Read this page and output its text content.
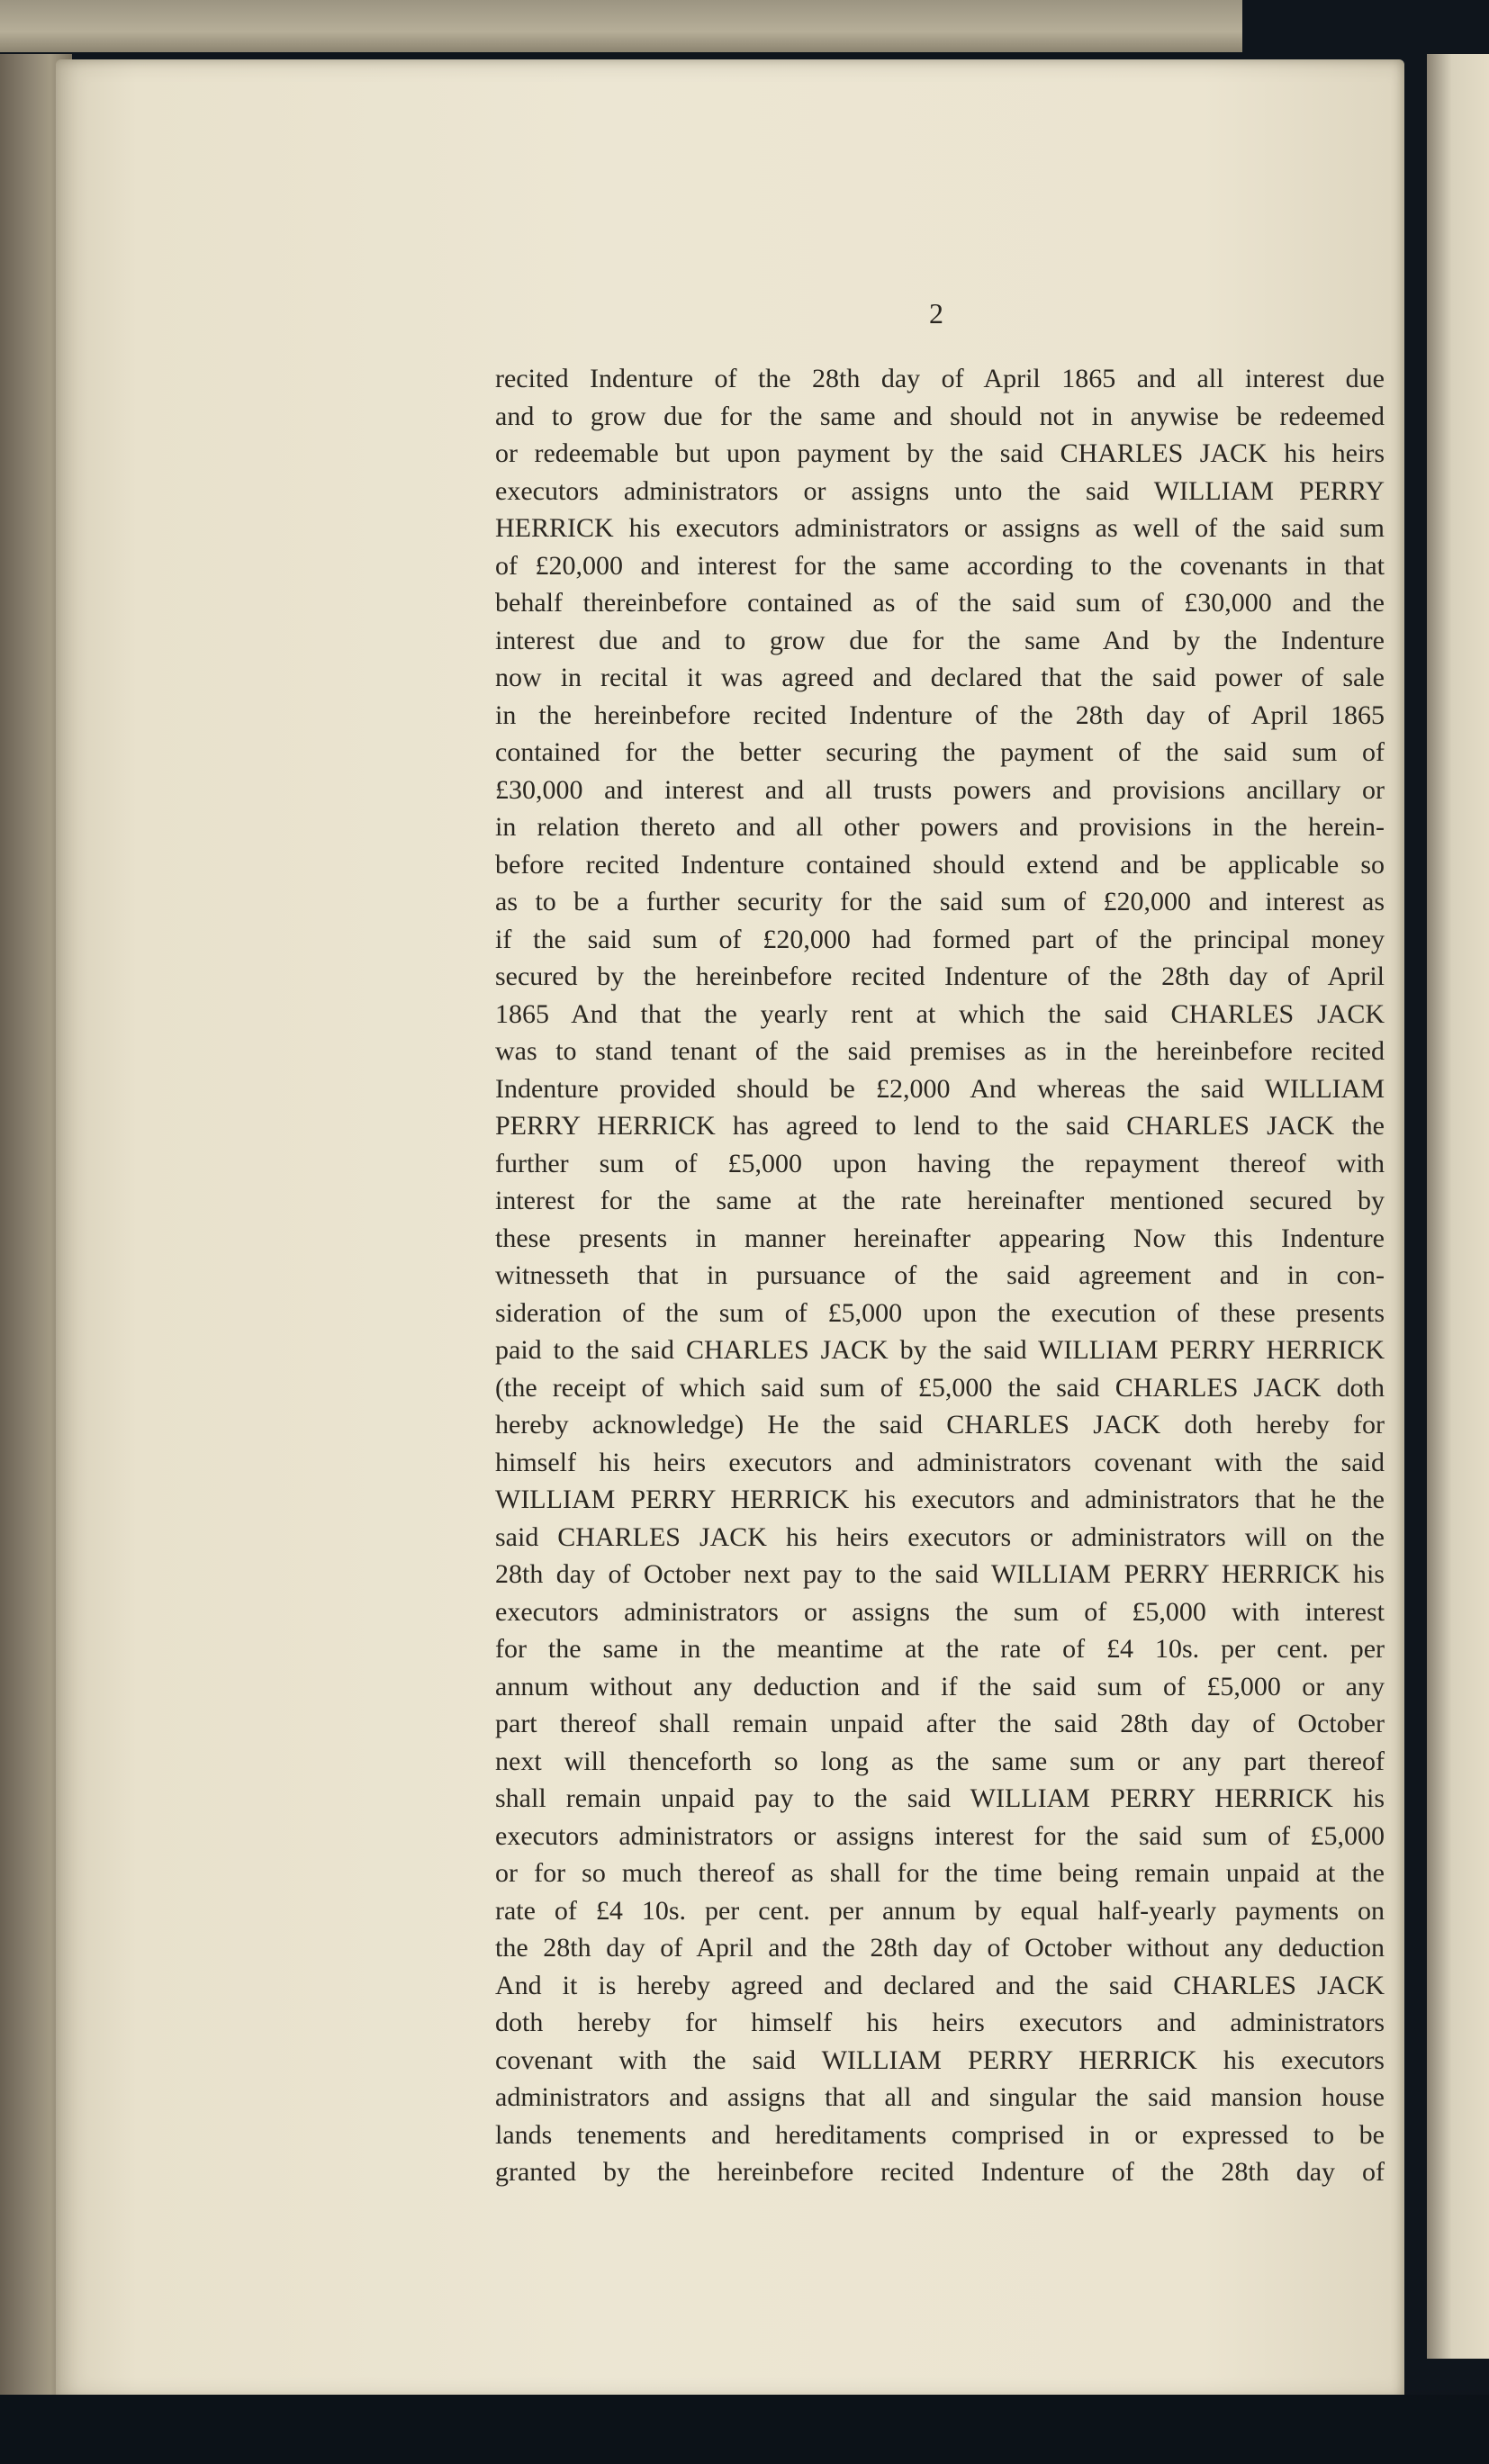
2
recited Indenture of the 28th day of April 1865 and all interest due
and to grow due for the same and should not in anywise be redeemed
or redeemable but upon payment by the said CHARLES JACK his heirs
executors administrators or assigns unto the said WILLIAM PERRY
HERRICK his executors administrators or assigns as well of the said sum
of £20,000 and interest for the same according to the covenants in that
behalf thereinbefore contained as of the said sum of £30,000 and the
interest due and to grow due for the same And by the Indenture
now in recital it was agreed and declared that the said power of sale
in the hereinbefore recited Indenture of the 28th day of April 1865
contained for the better securing the payment of the said sum of
£30,000 and interest and all trusts powers and provisions ancillary or
in relation thereto and all other powers and provisions in the herein-
before recited Indenture contained should extend and be applicable so
as to be a further security for the said sum of £20,000 and interest as
if the said sum of £20,000 had formed part of the principal money
secured by the hereinbefore recited Indenture of the 28th day of April
1865 And that the yearly rent at which the said CHARLES JACK
was to stand tenant of the said premises as in the hereinbefore recited
Indenture provided should be £2,000 And whereas the said WILLIAM
PERRY HERRICK has agreed to lend to the said CHARLES JACK the
further sum of £5,000 upon having the repayment thereof with
interest for the same at the rate hereinafter mentioned secured by
these presents in manner hereinafter appearing Now this Indenture
witnesseth that in pursuance of the said agreement and in con-
sideration of the sum of £5,000 upon the execution of these presents
paid to the said CHARLES JACK by the said WILLIAM PERRY HERRICK
(the receipt of which said sum of £5,000 the said CHARLES JACK doth
hereby acknowledge) He the said CHARLES JACK doth hereby for
himself his heirs executors and administrators covenant with the said
WILLIAM PERRY HERRICK his executors and administrators that he the
said CHARLES JACK his heirs executors or administrators will on the
28th day of October next pay to the said WILLIAM PERRY HERRICK his
executors administrators or assigns the sum of £5,000 with interest
for the same in the meantime at the rate of £4 10s. per cent. per
annum without any deduction and if the said sum of £5,000 or any
part thereof shall remain unpaid after the said 28th day of October
next will thenceforth so long as the same sum or any part thereof
shall remain unpaid pay to the said WILLIAM PERRY HERRICK his
executors administrators or assigns interest for the said sum of £5,000
or for so much thereof as shall for the time being remain unpaid at the
rate of £4 10s. per cent. per annum by equal half-yearly payments on
the 28th day of April and the 28th day of October without any deduction
And it is hereby agreed and declared and the said CHARLES JACK
doth hereby for himself his heirs executors and administrators
covenant with the said WILLIAM PERRY HERRICK his executors
administrators and assigns that all and singular the said mansion house
lands tenements and hereditaments comprised in or expressed to be
granted by the hereinbefore recited Indenture of the 28th day of
